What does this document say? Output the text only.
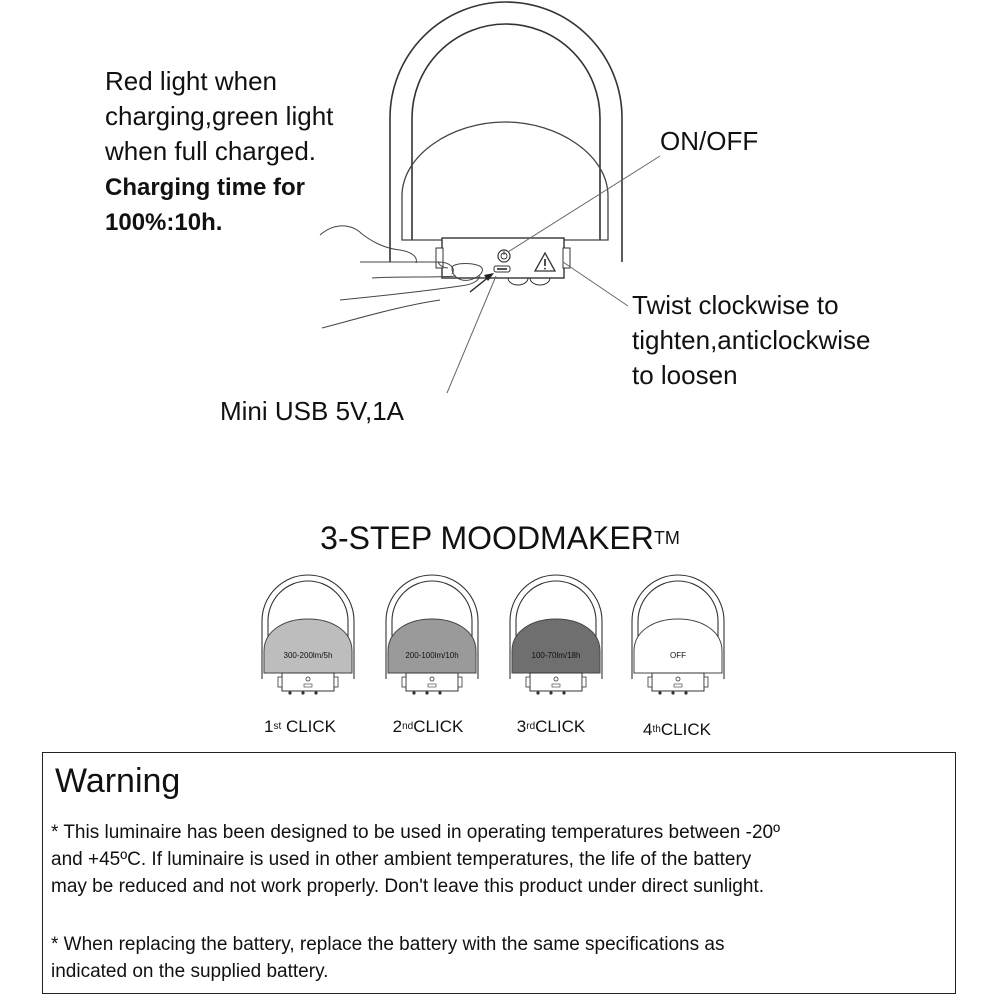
Red light when
charging,green light
when full charged.
Charging time for
100%:10h.
ON/OFF
Twist clockwise to
tighten,anticlockwise
to loosen
Mini USB 5V,1A
3-STEP MOODMAKER™
300-200lm/5h	200-100lm/10h	100-70lm/18h	OFF
1st CLICK	2ndCLICK	3rdCLICK	4thCLICK
Warning
* This luminaire has been designed to be used in operating temperatures between -20º
and +45ºC. If luminaire is used in other ambient temperatures, the life of the battery
may be reduced and not work properly. Don't leave this product under direct sunlight.
* When replacing the battery, replace the battery with the same specifications as
indicated on the supplied battery.
